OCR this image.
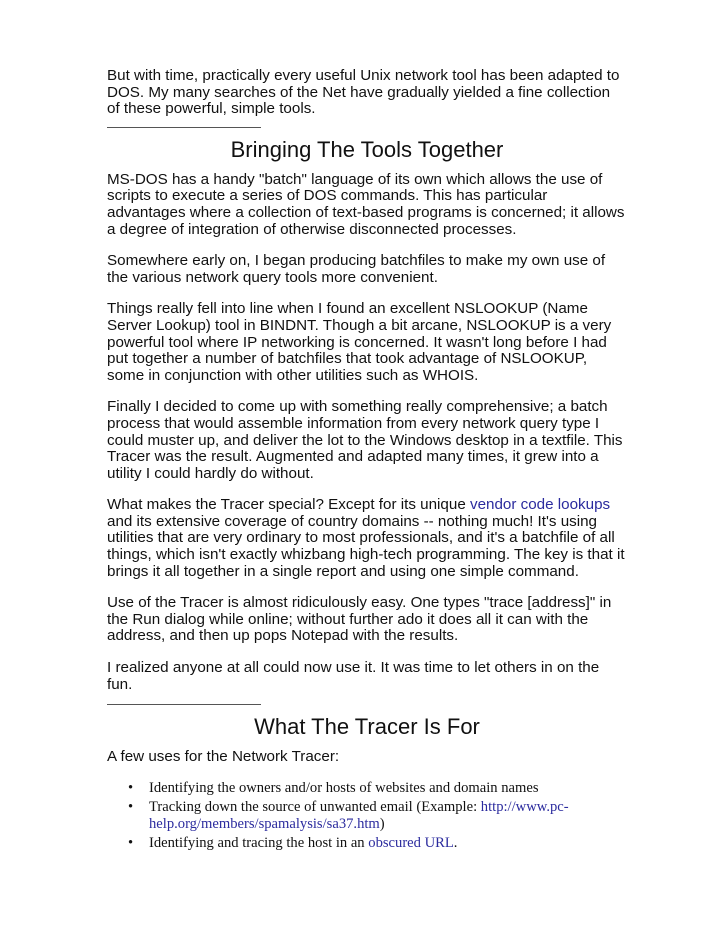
But with time, practically every useful Unix network tool has been adapted to DOS. My many searches of the Net have gradually yielded a fine collection of these powerful, simple tools.

Bringing The Tools Together

MS-DOS has a handy "batch" language of its own which allows the use of scripts to execute a series of DOS commands. This has particular advantages where a collection of text-based programs is concerned; it allows a degree of integration of otherwise disconnected processes.

Somewhere early on, I began producing batchfiles to make my own use of the various network query tools more convenient.

Things really fell into line when I found an excellent NSLOOKUP (Name Server Lookup) tool in BINDNT. Though a bit arcane, NSLOOKUP is a very powerful tool where IP networking is concerned. It wasn't long before I had put together a number of batchfiles that took advantage of NSLOOKUP, some in conjunction with other utilities such as WHOIS.

Finally I decided to come up with something really comprehensive; a batch process that would assemble information from every network query type I could muster up, and deliver the lot to the Windows desktop in a textfile. This Tracer was the result. Augmented and adapted many times, it grew into a utility I could hardly do without.

What makes the Tracer special? Except for its unique vendor code lookups and its extensive coverage of country domains -- nothing much! It's using utilities that are very ordinary to most professionals, and it's a batchfile of all things, which isn't exactly whizbang high-tech programming. The key is that it brings it all together in a single report and using one simple command.

Use of the Tracer is almost ridiculously easy. One types "trace [address]" in the Run dialog while online; without further ado it does all it can with the address, and then up pops Notepad with the results.

I realized anyone at all could now use it. It was time to let others in on the fun.

What The Tracer Is For

A few uses for the Network Tracer:

• Identifying the owners and/or hosts of websites and domain names
• Tracking down the source of unwanted email (Example: http://www.pc-help.org/members/spamalysis/sa37.htm)
• Identifying and tracing the host in an obscured URL.
